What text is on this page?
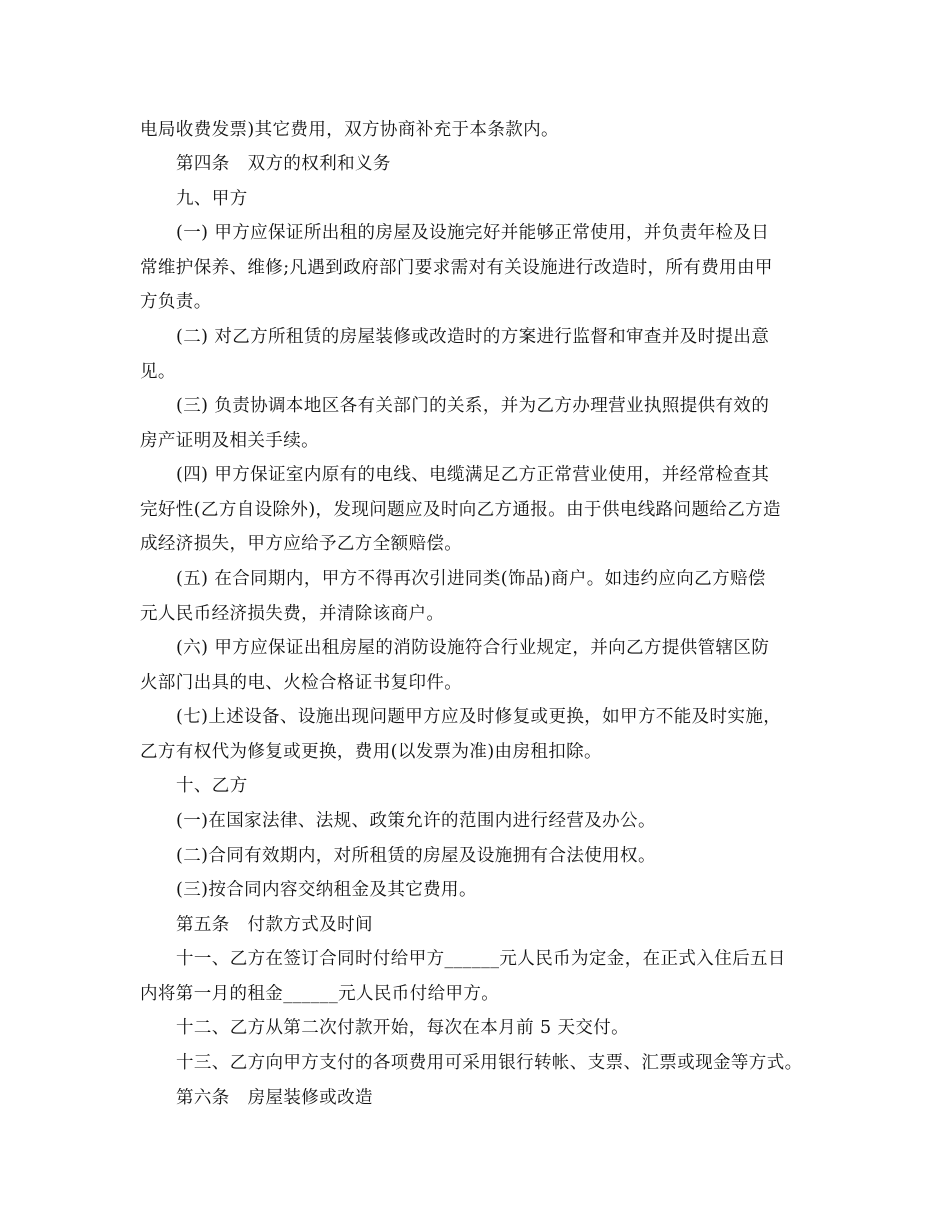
电局收费发票)其它费用，双方协商补充于本条款内。
第四条　双方的权利和义务
九、甲方
(一) 甲方应保证所出租的房屋及设施完好并能够正常使用，并负责年检及日
常维护保养、维修;凡遇到政府部门要求需对有关设施进行改造时，所有费用由甲
方负责。
(二) 对乙方所租赁的房屋装修或改造时的方案进行监督和审查并及时提出意
见。
(三) 负责协调本地区各有关部门的关系，并为乙方办理营业执照提供有效的
房产证明及相关手续。
(四) 甲方保证室内原有的电线、电缆满足乙方正常营业使用，并经常检查其
完好性(乙方自设除外)，发现问题应及时向乙方通报。由于供电线路问题给乙方造
成经济损失，甲方应给予乙方全额赔偿。
(五) 在合同期内，甲方不得再次引进同类(饰品)商户。如违约应向乙方赔偿
元人民币经济损失费，并清除该商户。
(六) 甲方应保证出租房屋的消防设施符合行业规定，并向乙方提供管辖区防
火部门出具的电、火检合格证书复印件。
(七)上述设备、设施出现问题甲方应及时修复或更换，如甲方不能及时实施，
乙方有权代为修复或更换，费用(以发票为准)由房租扣除。
十、乙方
(一)在国家法律、法规、政策允许的范围内进行经营及办公。
(二)合同有效期内，对所租赁的房屋及设施拥有合法使用权。
(三)按合同内容交纳租金及其它费用。
第五条　付款方式及时间
十一、乙方在签订合同时付给甲方______元人民币为定金，在正式入住后五日
内将第一月的租金______元人民币付给甲方。
十二、乙方从第二次付款开始，每次在本月前 5 天交付。
十三、乙方向甲方支付的各项费用可采用银行转帐、支票、汇票或现金等方式。
第六条　房屋装修或改造
